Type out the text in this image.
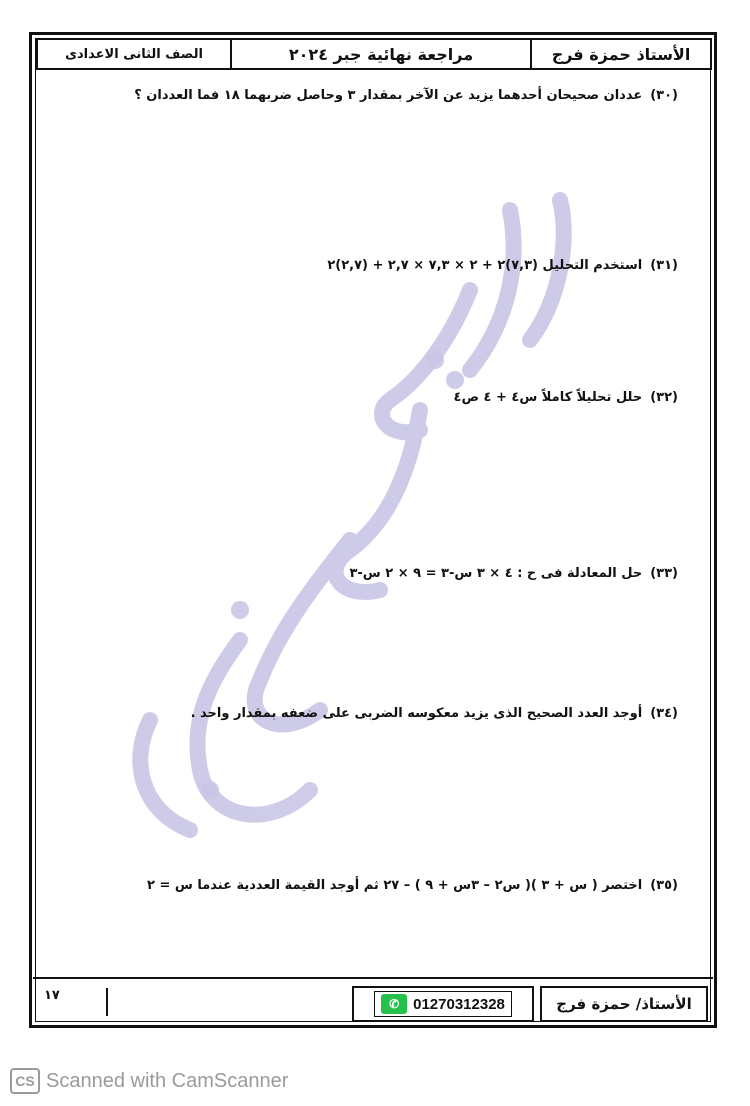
الأستاذ حمزة فرج
مراجعة نهائية جبر ٢٠٢٤
الصف الثانى الاعدادى
(٣٠)عددان صحيحان أحدهما يزيد عن الآخر بمقدار ٣ وحاصل ضربهما ١٨ فما العددان ؟
(٣١)استخدم التحليل (٧,٣)٢ + ٢ × ٧,٣ × ٢,٧ + (٢,٧)٢
(٣٢)حلل تحليلاً كاملاً س٤ + ٤ ص٤
(٣٣)حل المعادلة فى ح : ٤ × ٣ س-٣ = ٩ × ٢ س-٣
(٣٤)أوجد العدد الصحيح الذى يزيد معكوسه الضربى على ضعفه بمقدار واحد .
(٣٥)اختصر ( س + ٣ )( س٢ – ٣س + ٩ ) – ٢٧ ثم أوجد القيمة العددية عندما س = ٢
الأستاذ/ حمزة فرج
✆ 01270312328
١٧
CS Scanned with CamScanner
